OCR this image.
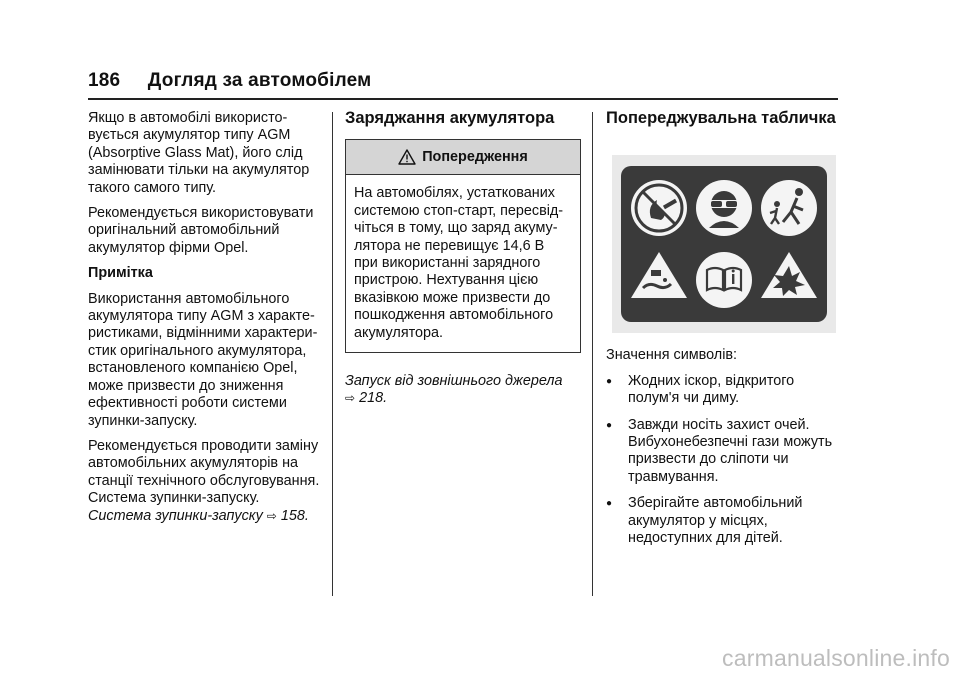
186 Догляд за автомобілем

Якщо в автомобілі використо-вується акумулятор типу AGM (Absorptive Glass Mat), його слід замінювати тільки на акумулятор такого самого типу.

Рекомендується використовувати оригінальний автомобільний акумулятор фірми Opel.

Примітка

Використання автомобільного акумулятора типу AGM з характе-ристиками, відмінними характери-стик оригінального акумулятора, встановленого компанією Opel, може призвести до зниження ефективності роботи системи зупинки-запуску.

Рекомендується проводити заміну автомобільних акумуляторів на станції технічного обслуговування. Система зупинки-запуску.
Система зупинки-запуску ⇨ 158.

Заряджання акумулятора
Попередження
На автомобілях, устаткованих системою стоп-старт, пересвід-чіться в тому, що заряд акуму-лятора не перевищує 14,6 В при використанні зарядного пристрою. Нехтування цією вказівкою може призвести до пошкодження автомобільного акумулятора.
Запуск від зовнішнього джерела
⇨ 218.
Попереджувальна табличка

Значення символів:

● Жодних іскор, відкритого полум'я чи диму.
● Завжди носіть захист очей. Вибухонебезпечні гази можуть призвести до сліпоти чи травмування.
● Зберігайте автомобільний акумулятор у місцях, недоступних для дітей.
carmanualsonline.info
